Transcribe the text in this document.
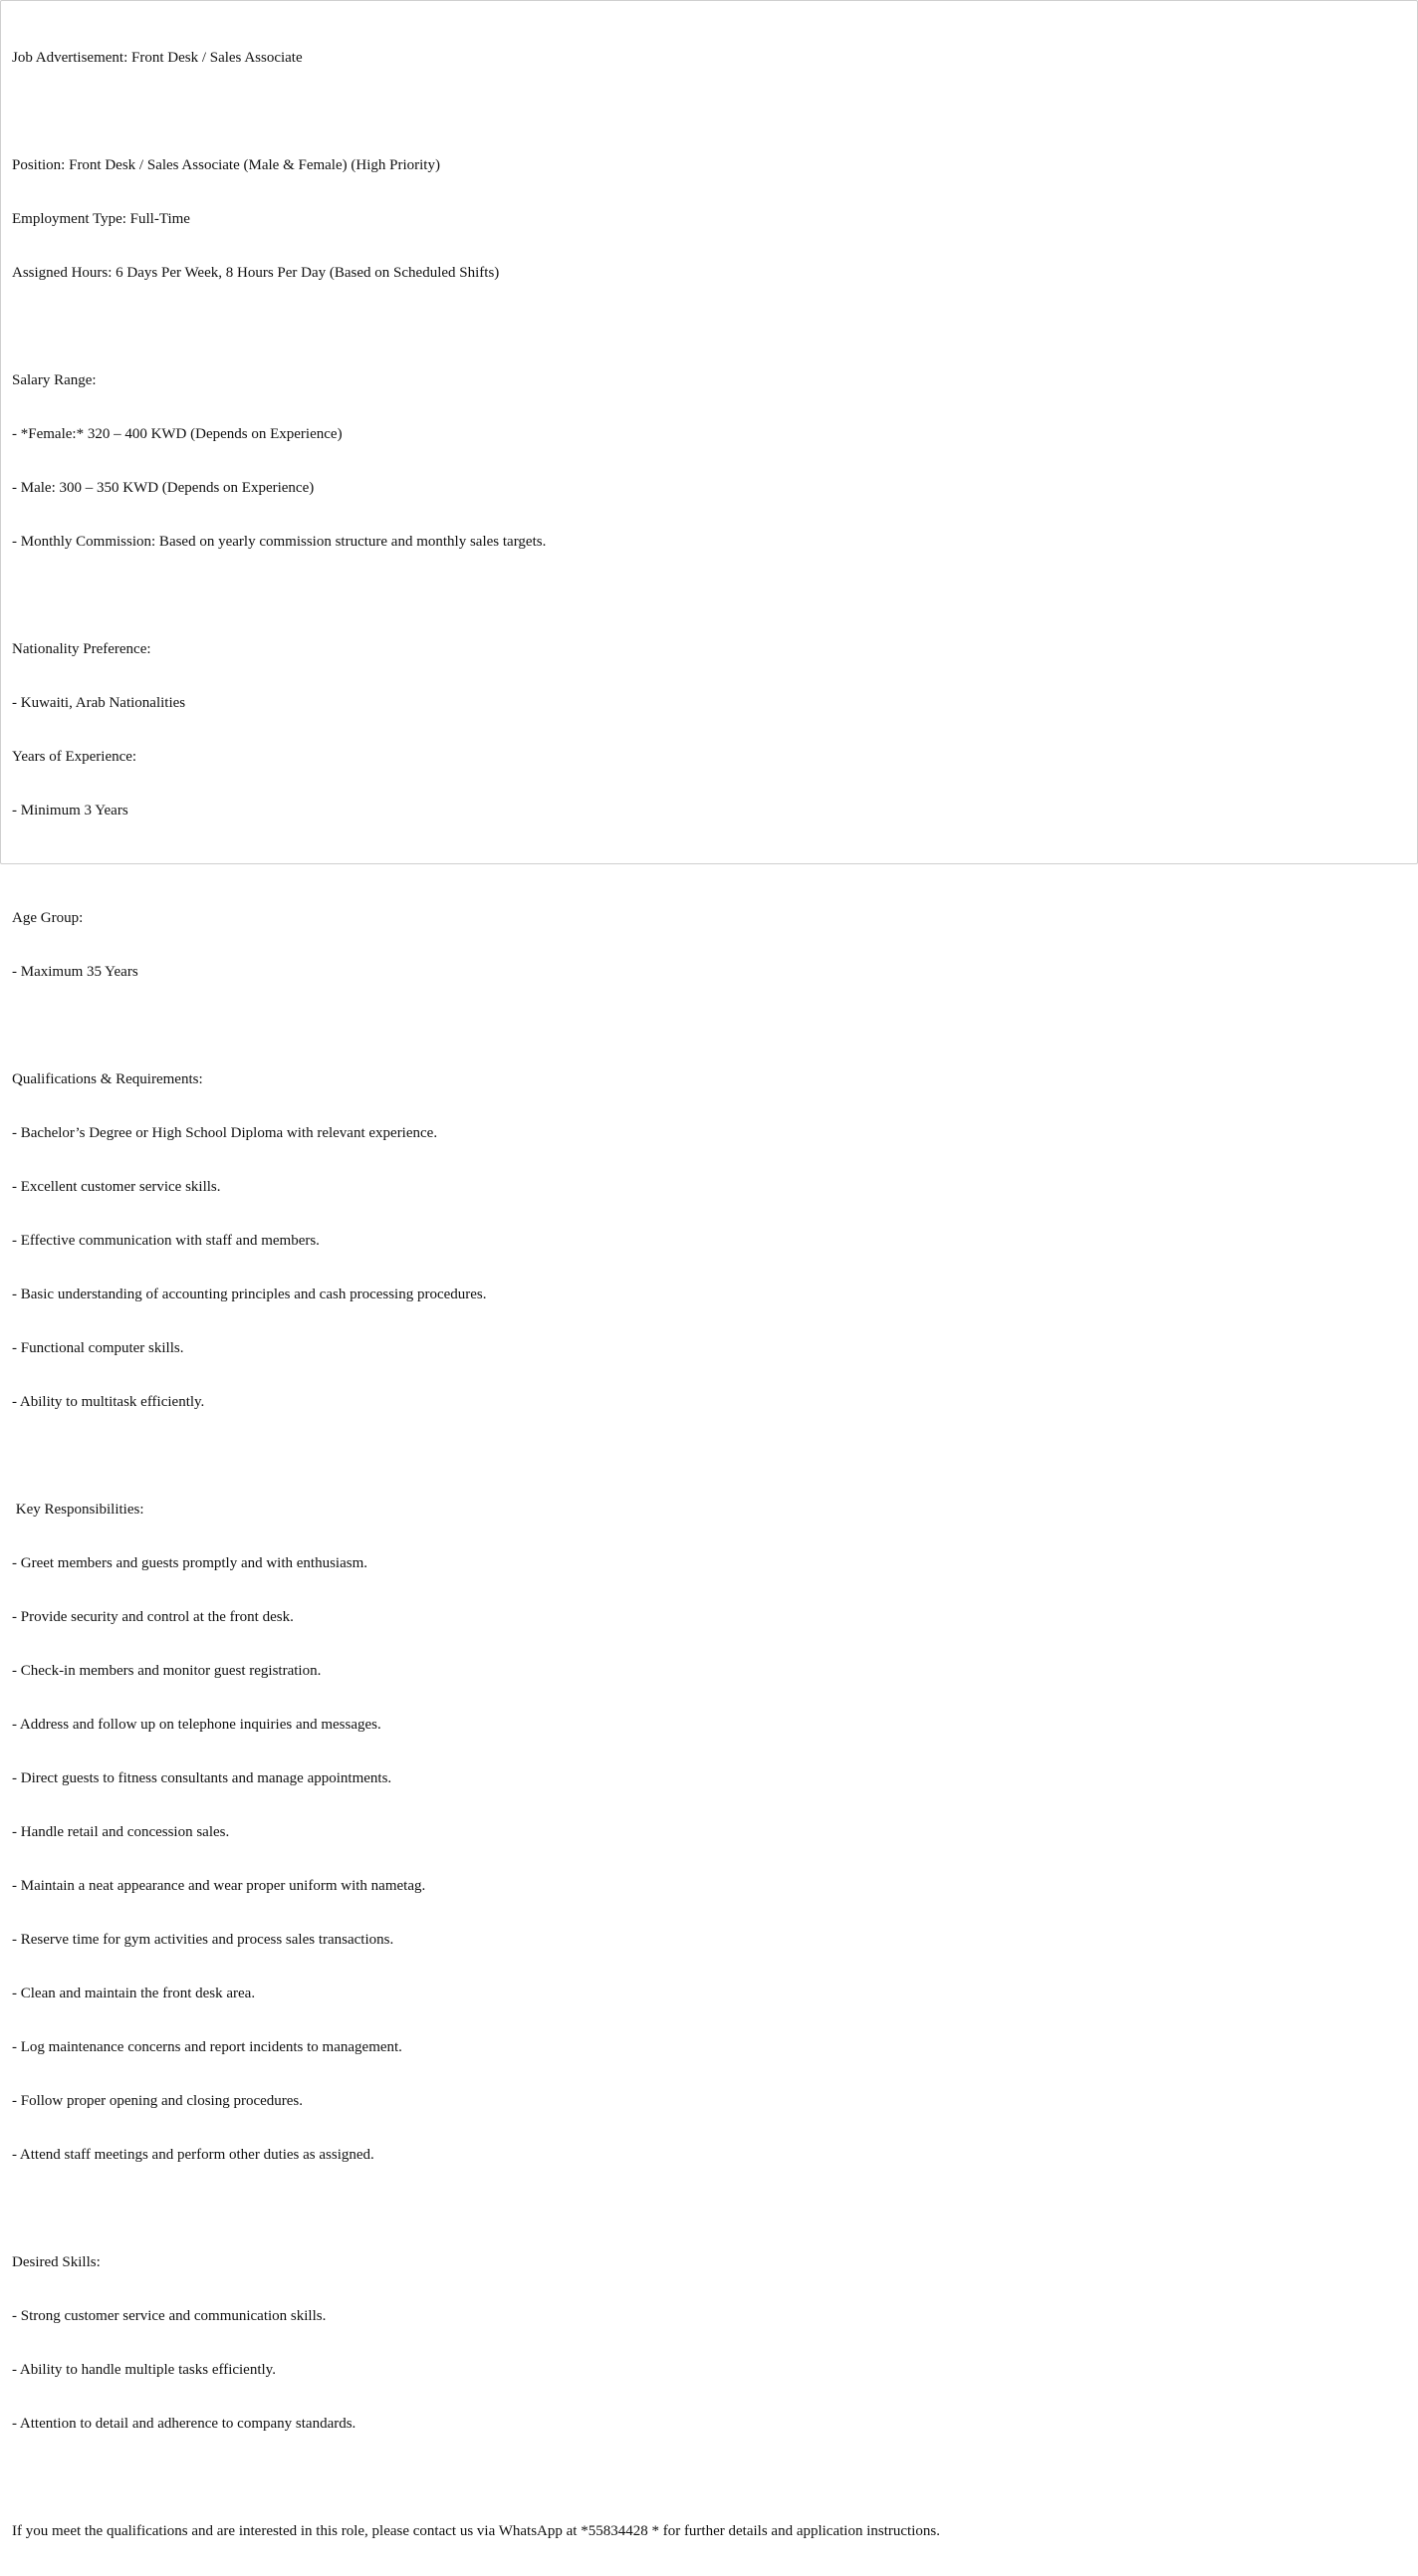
Job Advertisement: Front Desk / Sales Associate

Position: Front Desk / Sales Associate (Male & Female) (High Priority)

Employment Type: Full-Time

Assigned Hours: 6 Days Per Week, 8 Hours Per Day (Based on Scheduled Shifts)

Salary Range:

- *Female:* 320 – 400 KWD (Depends on Experience)

- Male: 300 – 350 KWD (Depends on Experience)

- Monthly Commission: Based on yearly commission structure and monthly sales targets.

Nationality Preference:

- Kuwaiti, Arab Nationalities

Years of Experience:

- Minimum 3 Years

Age Group:

- Maximum 35 Years

Qualifications & Requirements:

- Bachelor’s Degree or High School Diploma with relevant experience.

- Excellent customer service skills.

- Effective communication with staff and members.

- Basic understanding of accounting principles and cash processing procedures.

- Functional computer skills.

- Ability to multitask efficiently.

Key Responsibilities:

- Greet members and guests promptly and with enthusiasm.

- Provide security and control at the front desk.

- Check-in members and monitor guest registration.

- Address and follow up on telephone inquiries and messages.

- Direct guests to fitness consultants and manage appointments.

- Handle retail and concession sales.

- Maintain a neat appearance and wear proper uniform with nametag.

- Reserve time for gym activities and process sales transactions.

- Clean and maintain the front desk area.

- Log maintenance concerns and report incidents to management.

- Follow proper opening and closing procedures.

- Attend staff meetings and perform other duties as assigned.

Desired Skills:

- Strong customer service and communication skills.

- Ability to handle multiple tasks efficiently.

- Attention to detail and adherence to company standards.

If you meet the qualifications and are interested in this role, please contact us via WhatsApp at *55834428 * for further details and application instructions.
